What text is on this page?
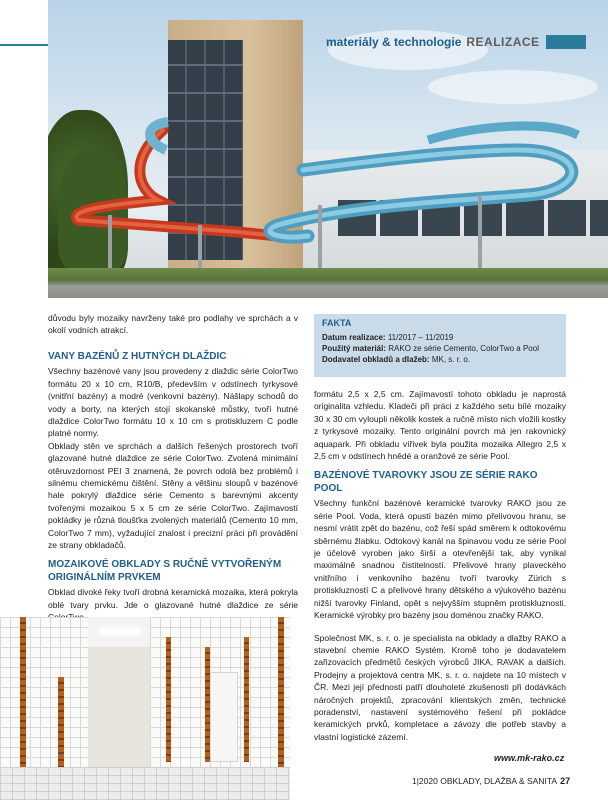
materiály & technologie REALIZACE

důvodu byly mozaiky navrženy také pro podlahy ve sprchách a v okolí vodních atrakcí.

VANY BAZÉNŮ Z HUTNÝCH DLAŽDIC

Všechny bazénové vany jsou provedeny z dlaždic série ColorTwo formátu 20 x 10 cm, R10/B, především v odstínech tyrkysové (vnitřní bazény) a modré (venkovní bazény). Nášlapy schodů do vody a borty, na kterých stojí skokanské můstky, tvoří hutné dlaždice ColorTwo formátu 10 x 10 cm s protiskluzem C podle platné normy.

Obklady stěn ve sprchách a dalších řešených prostorech tvoří glazované hutné dlaždice ze série ColorTwo. Zvolená minimální otěruvzdornost PEI 3 znamená, že povrch odolá bez problémů i silnému chemickému čištění. Stěny a většinu sloupů v bazénové hale pokrylý dlaždice série Cemento s barevnými akcenty tvořenými mozaikou 5 x 5 cm ze série ColorTwo. Zajímavostí pokládky je různá tloušťka zvolených materiálů (Cemento 10 mm, ColorTwo 7 mm), vyžadující znalost i precizní práci při provádění ze strany obkladačů.

MOZAIKOVÉ OBKLADY S RUČNĚ VYTVOŘENÝM ORIGINÁLNÍM PRVKEM

Obklad divoké řeky tvoří drobná keramická mozaika, která pokryla oblé tvary prvku. Jde o glazované hutné dlaždice ze série

FAKTA
Datum realizace: 11/2017 – 11/2019
Použitý materiál: RAKO ze série Cemento, ColorTwo a Pool
Dodavatel obkladů a dlažeb: MK, s. r. o.

formátu 2,5 x 2,5 cm. Zajímavostí tohoto obkladu je naprostá originalita vzhledu. Kladeči při práci z každého setu bílé mozaiky 30 x 30 cm vyloupli několik kostek a ručně místo nich vložili kostky z tyrkysové mozaiky. Tento originální povrch má jen rakovnický aquapark. Při obkladu vířivek byla použita mozaika Allegro 2,5 x 2,5 cm v odstínech hnědé a oranžové ze série Pool.

BAZÉNOVÉ TVAROVKY JSOU ZE SÉRIE RAKO POOL

Všechny funkční bazénové keramické tvarovky RAKO jsou ze série Pool. Voda, která opustí bazén mimo přelivovou hranu, se nesmí vrátit zpět do bazénu, což řeší spád směrem k odtokovému sběrnému žlabku. Odtokový kanál na špinavou vodu ze série Pool je účelově vyroben jako širší a otevřenější tak, aby vynikal maximálně snadnou čistitelností. Přelivové hrany plaveckého vnitřního i venkovního bazénu tvoří tvarovky Zürich s protiskluzností C a přelivové hrany dětského a výukového bazénu nižší tvarovky Finland, opět s nejvyšším stupněm protiskluznosti. Keramické výrobky pro bazény jsou doménou značky RAKO.

Společnost MK, s. r. o. je specialista na obklady a dlažby RAKO a stavební chemie RAKO Systém. Kromě toho je dodavatelem zařizovacích předmětů českých výrobců JIKA, RAVAK a dalších. Prodejny a projektová centra MK, s. r. o. najdete na 10 místech v ČR. Mezi její přednosti patří dlouholeté zkušenosti při dodávkách náročných projektů, zpracování klientských změn, technické poradenství, nastavení systémového řešení při pokládce keramických prvků, kompletace a závozy dle potřeb stavby a vlastní logistické zázemí.

www.mk-rako.cz
1|2020 OBKLADY, DLAŽBA & SANITA 27
